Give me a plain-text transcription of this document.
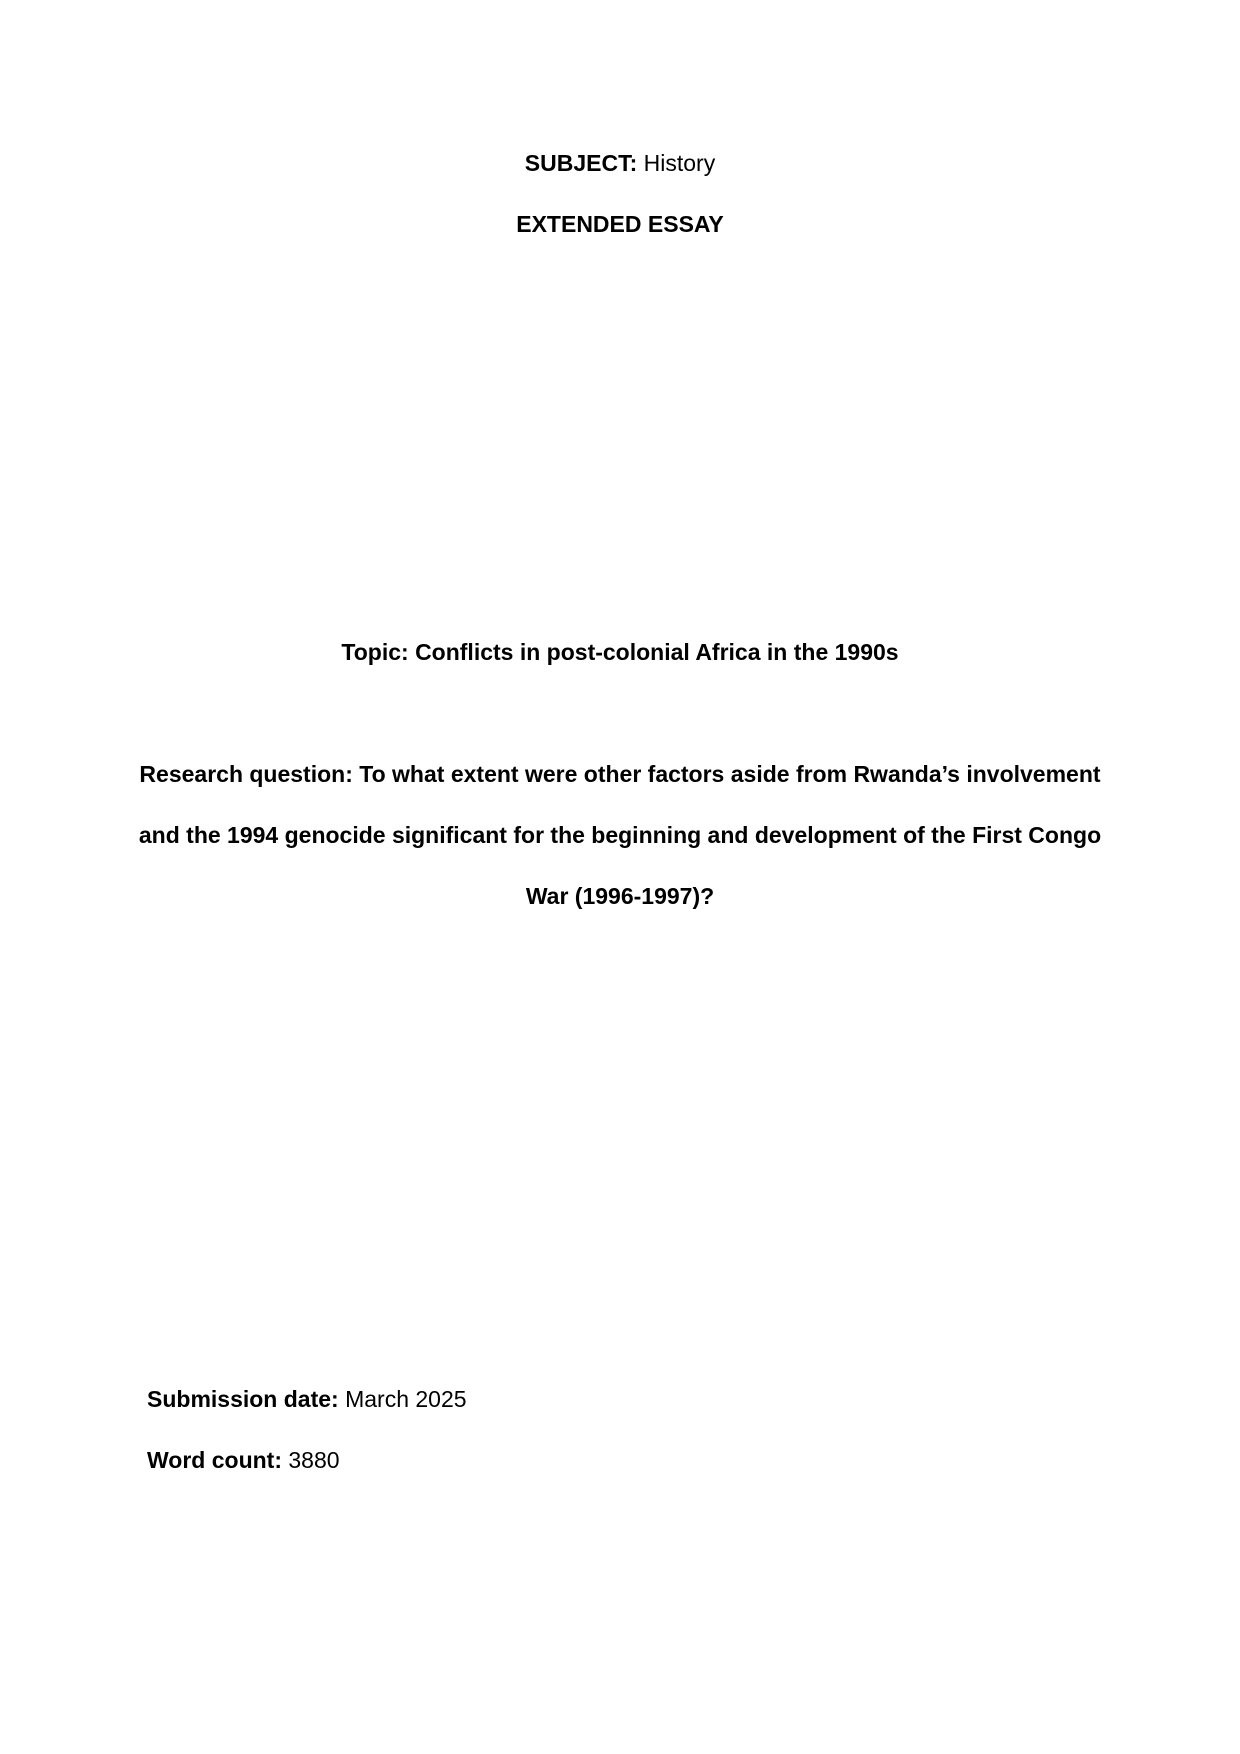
SUBJECT: History
EXTENDED ESSAY
Topic: Conflicts in post-colonial Africa in the 1990s
Research question: To what extent were other factors aside from Rwanda’s involvement
and the 1994 genocide significant for the beginning and development of the First Congo
War (1996-1997)?
Submission date: March 2025
Word count: 3880
